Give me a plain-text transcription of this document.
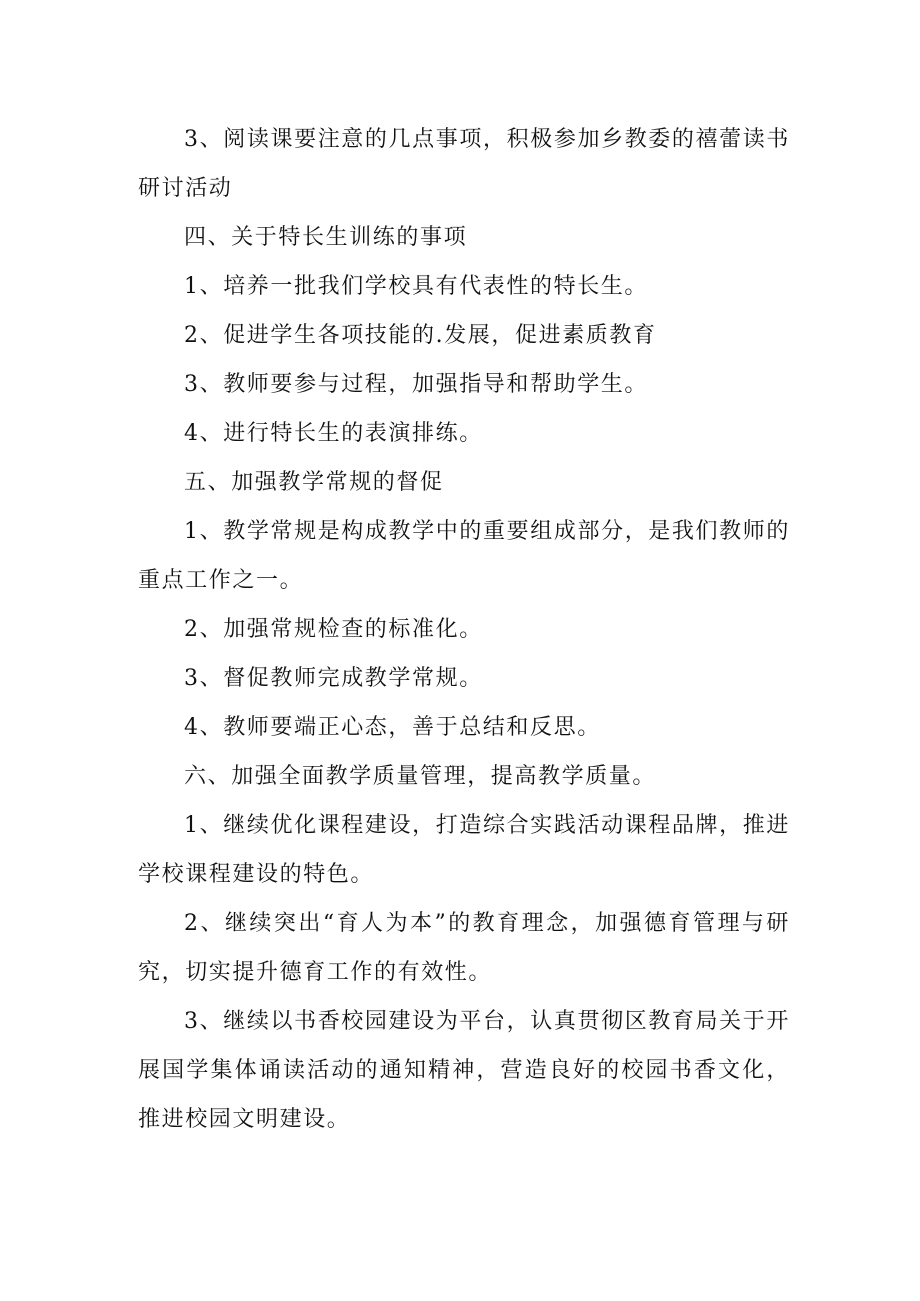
3、阅读课要注意的几点事项，积极参加乡教委的禧蕾读书研讨活动

四、关于特长生训练的事项

1、培养一批我们学校具有代表性的特长生。

2、促进学生各项技能的.发展，促进素质教育

3、教师要参与过程，加强指导和帮助学生。

4、进行特长生的表演排练。

五、加强教学常规的督促

1、教学常规是构成教学中的重要组成部分，是我们教师的重点工作之一。

2、加强常规检查的标准化。

3、督促教师完成教学常规。

4、教师要端正心态，善于总结和反思。

六、加强全面教学质量管理，提高教学质量。

1、继续优化课程建设，打造综合实践活动课程品牌，推进学校课程建设的特色。

2、继续突出“育人为本”的教育理念，加强德育管理与研究，切实提升德育工作的有效性。

3、继续以书香校园建设为平台，认真贯彻区教育局关于开展国学集体诵读活动的通知精神，营造良好的校园书香文化，推进校园文明建设。
